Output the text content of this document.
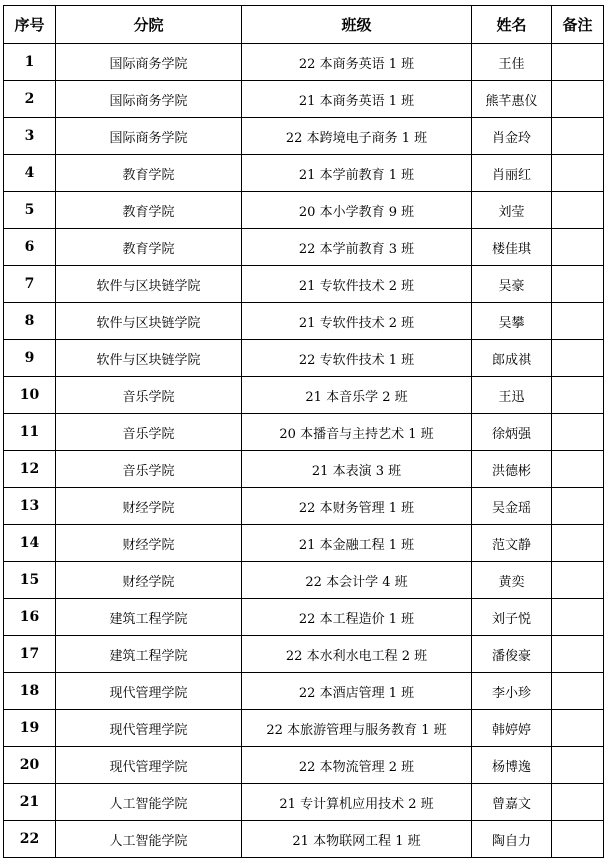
序号	分院	班级	姓名	备注
1	国际商务学院	22 本商务英语 1 班	王佳	
2	国际商务学院	21 本商务英语 1 班	熊芊惠仪	
3	国际商务学院	22 本跨境电子商务 1 班	肖金玲	
4	教育学院	21 本学前教育 1 班	肖丽红	
5	教育学院	20 本小学教育 9 班	刘莹	
6	教育学院	22 本学前教育 3 班	楼佳琪	
7	软件与区块链学院	21 专软件技术 2 班	吴豪	
8	软件与区块链学院	21 专软件技术 2 班	吴攀	
9	软件与区块链学院	22 专软件技术 1 班	郎成祺	
10	音乐学院	21 本音乐学 2 班	王迅	
11	音乐学院	20 本播音与主持艺术 1 班	徐炳强	
12	音乐学院	21 本表演 3 班	洪德彬	
13	财经学院	22 本财务管理 1 班	吴金瑶	
14	财经学院	21 本金融工程 1 班	范文静	
15	财经学院	22 本会计学 4 班	黄奕	
16	建筑工程学院	22 本工程造价 1 班	刘子悦	
17	建筑工程学院	22 本水利水电工程 2 班	潘俊豪	
18	现代管理学院	22 本酒店管理 1 班	李小珍	
19	现代管理学院	22 本旅游管理与服务教育 1 班	韩婷婷	
20	现代管理学院	22 本物流管理 2 班	杨博逸	
21	人工智能学院	21 专计算机应用技术 2 班	曾嘉文	
22	人工智能学院	21 本物联网工程 1 班	陶自力	
